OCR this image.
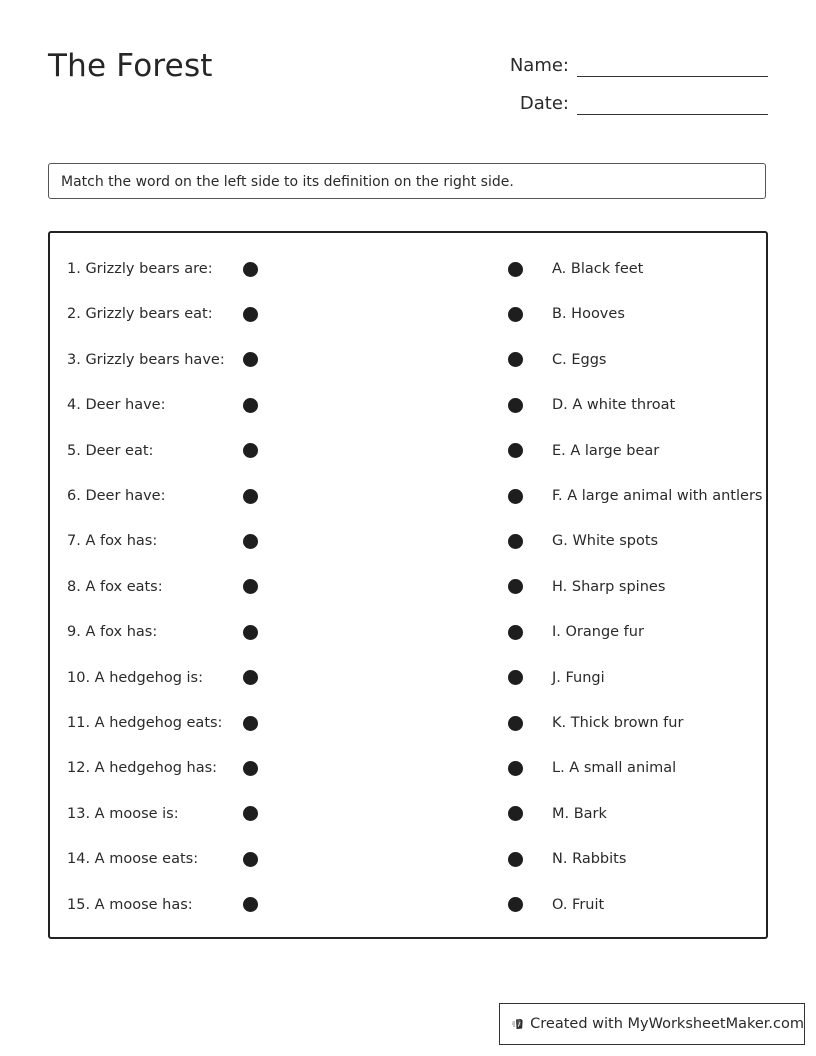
The Forest	Name:
Date:
Match the word on the left side to its definition on the right side.
1. Grizzly bears are:	A. Black feet
2. Grizzly bears eat:	B. Hooves
3. Grizzly bears have:	C. Eggs
4. Deer have:	D. A white throat
5. Deer eat:	E. A large bear
6. Deer have:	F. A large animal with antlers
7. A fox has:	G. White spots
8. A fox eats:	H. Sharp spines
9. A fox has:	I. Orange fur
10. A hedgehog is:	J. Fungi
11. A hedgehog eats:	K. Thick brown fur
12. A hedgehog has:	L. A small animal
13. A moose is:	M. Bark
14. A moose eats:	N. Rabbits
15. A moose has:	O. Fruit
Created with MyWorksheetMaker.com
